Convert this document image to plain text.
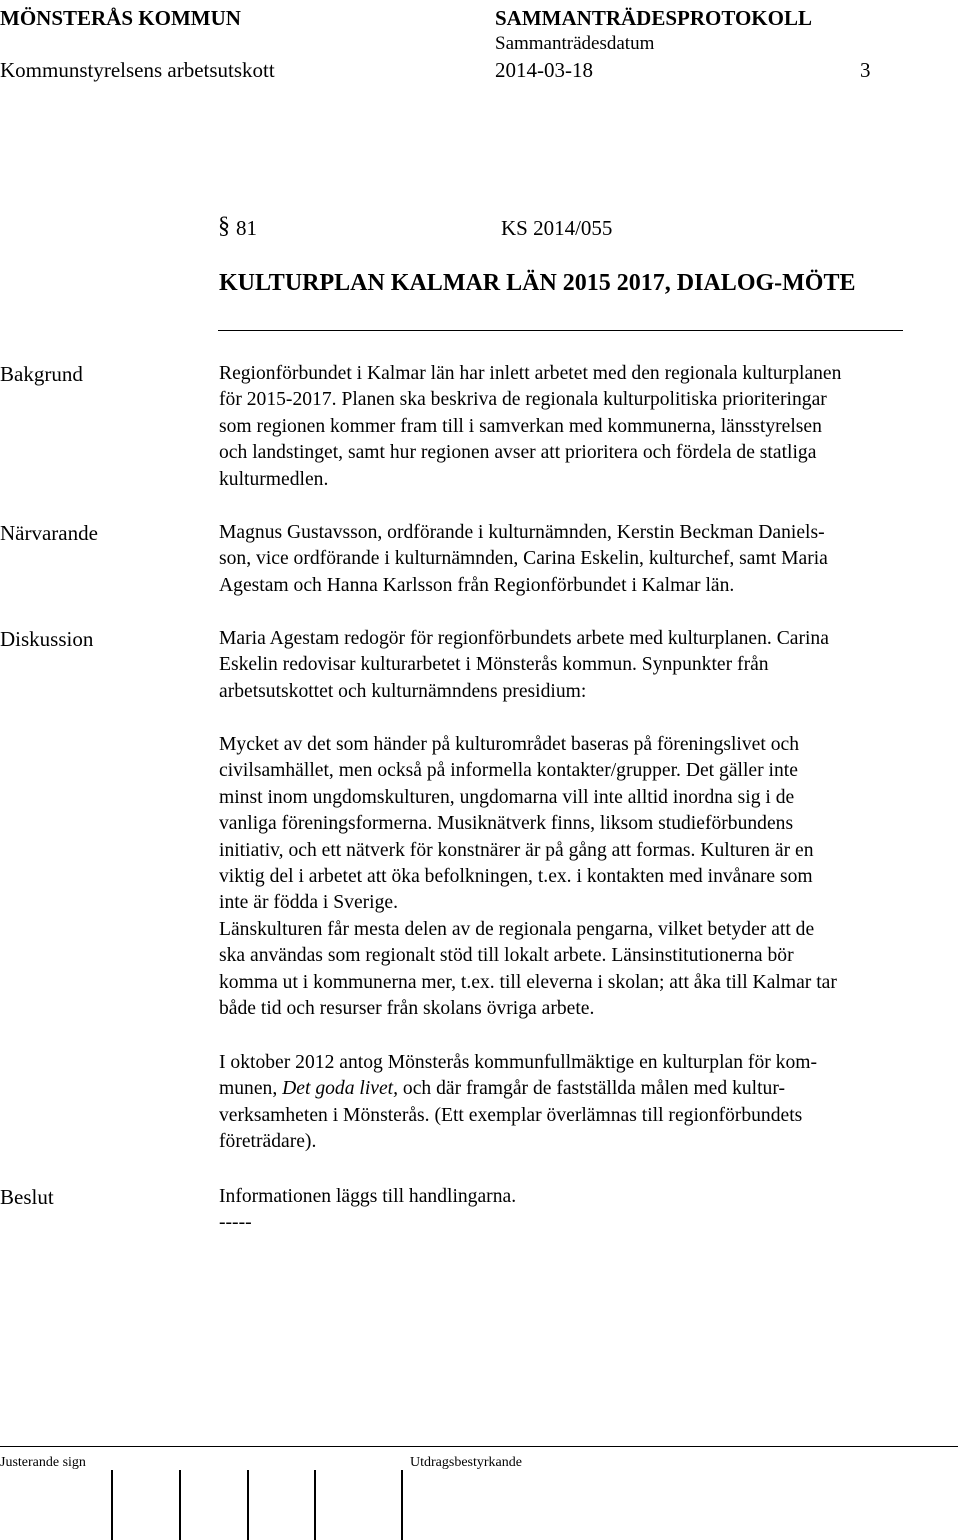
MÖNSTERÅS KOMMUN	SAMMANTRÄDESPROTOKOLL
Sammanträdesdatum
Kommunstyrelsens arbetsutskott	2014-03-18	3
§ 81	KS 2014/055
KULTURPLAN KALMAR LÄN 2015 2017, DIALOG-MÖTE
Bakgrund	Regionförbundet i Kalmar län har inlett arbetet med den regionala kulturplanen
för 2015-2017. Planen ska beskriva de regionala kulturpolitiska prioriteringar
som regionen kommer fram till i samverkan med kommunerna, länsstyrelsen
och landstinget, samt hur regionen avser att prioritera och fördela de statliga
kulturmedlen.
Närvarande	Magnus Gustavsson, ordförande i kulturnämnden, Kerstin Beckman Daniels-
son, vice ordförande i kulturnämnden, Carina Eskelin, kulturchef, samt Maria
Agestam och Hanna Karlsson från Regionförbundet i Kalmar län.
Diskussion	Maria Agestam redogör för regionförbundets arbete med kulturplanen. Carina
Eskelin redovisar kulturarbetet i Mönsterås kommun. Synpunkter från
arbetsutskottet och kulturnämndens presidium:
Mycket av det som händer på kulturområdet baseras på föreningslivet och
civilsamhället, men också på informella kontakter/grupper. Det gäller inte
minst inom ungdomskulturen, ungdomarna vill inte alltid inordna sig i de
vanliga föreningsformerna. Musiknätverk finns, liksom studieförbundens
initiativ, och ett nätverk för konstnärer är på gång att formas. Kulturen är en
viktig del i arbetet att öka befolkningen, t.ex. i kontakten med invånare som
inte är födda i Sverige.
Länskulturen får mesta delen av de regionala pengarna, vilket betyder att de
ska användas som regionalt stöd till lokalt arbete. Länsinstitutionerna bör
komma ut i kommunerna mer, t.ex. till eleverna i skolan; att åka till Kalmar tar
både tid och resurser från skolans övriga arbete.
I oktober 2012 antog Mönsterås kommunfullmäktige en kulturplan för kom-
munen, Det goda livet, och där framgår de fastställda målen med kultur-
verksamheten i Mönsterås. (Ett exemplar överlämnas till regionförbundets
företrädare).
Beslut	Informationen läggs till handlingarna.
-----
Justerande sign	Utdragsbestyrkande
